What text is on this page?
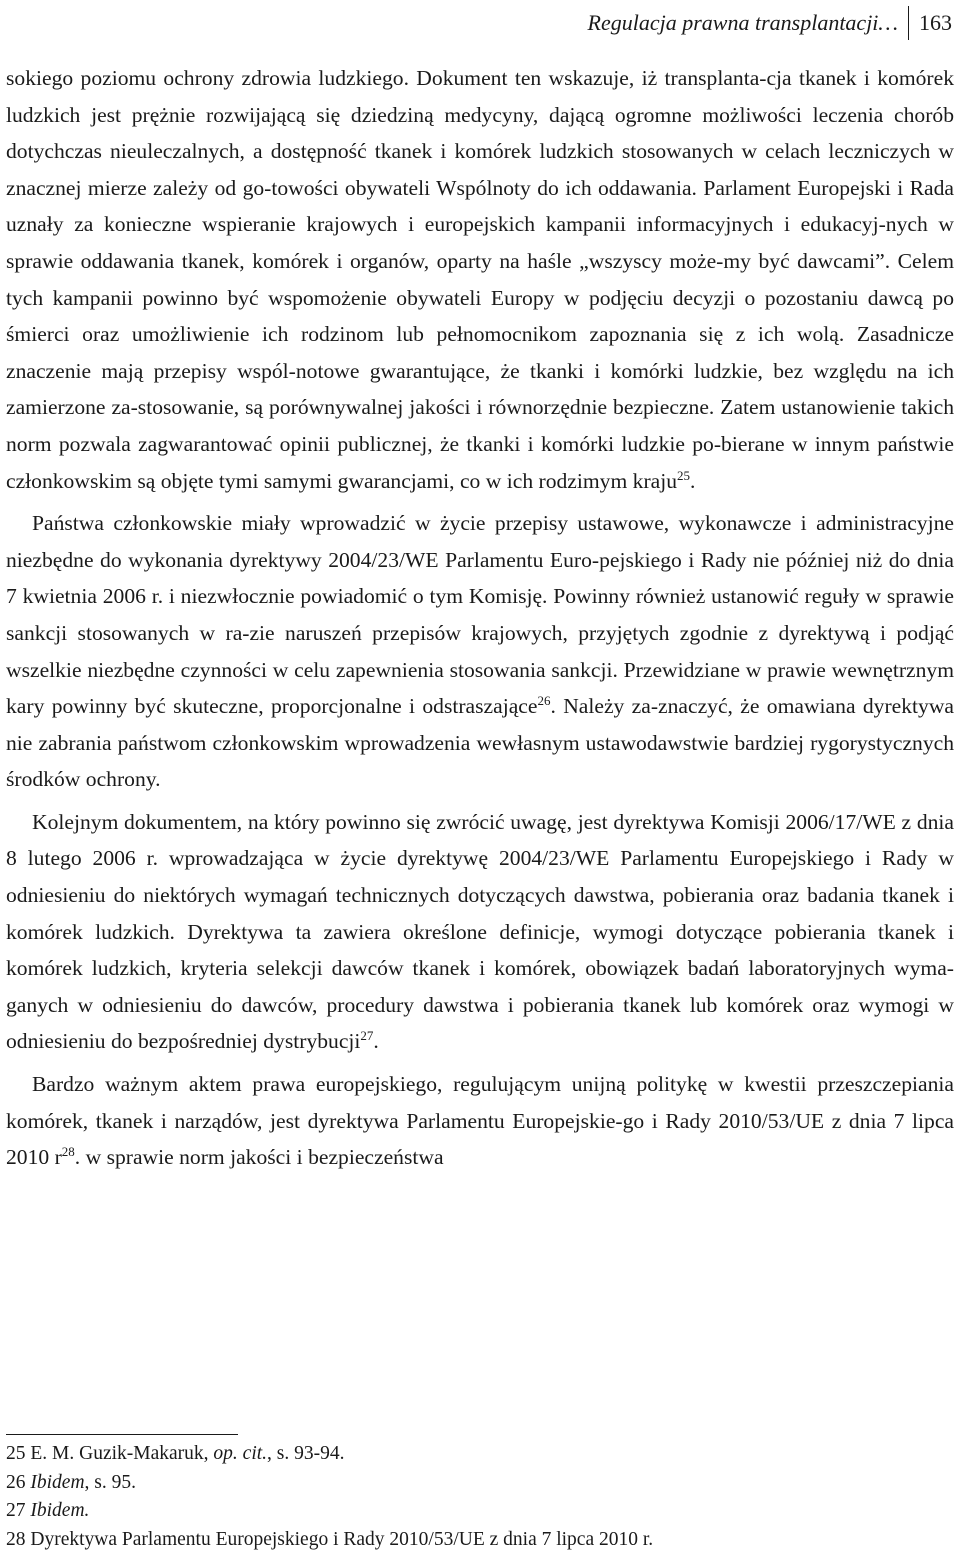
Regulacja prawna transplantacji… 163

sokiego poziomu ochrony zdrowia ludzkiego. Dokument ten wskazuje, iż transplanta-cja tkanek i komórek ludzkich jest prężnie rozwijającą się dziedziną medycyny, dającą ogromne możliwości leczenia chorób dotychczas nieuleczalnych, a dostępność tkanek i komórek ludzkich stosowanych w celach leczniczych w znacznej mierze zależy od go-towości obywateli Wspólnoty do ich oddawania. Parlament Europejski i Rada uznały za konieczne wspieranie krajowych i europejskich kampanii informacyjnych i edukacyj-nych w sprawie oddawania tkanek, komórek i organów, oparty na haśle „wszyscy może-my być dawcami”. Celem tych kampanii powinno być wspomożenie obywateli Europy w podjęciu decyzji o pozostaniu dawcą po śmierci oraz umożliwienie ich rodzinom lub pełnomocnikom zapoznania się z ich wolą. Zasadnicze znaczenie mają przepisy wspól-notowe gwarantujące, że tkanki i komórki ludzkie, bez względu na ich zamierzone za-stosowanie, są porównywalnej jakości i równorzędnie bezpieczne. Zatem ustanowienie takich norm pozwala zagwarantować opinii publicznej, że tkanki i komórki ludzkie po-bierane w innym państwie członkowskim są objęte tymi samymi gwarancjami, co w ich rodzimym kraju$^{25}$.

Państwa członkowskie miały wprowadzić w życie przepisy ustawowe, wykonawcze i administracyjne niezbędne do wykonania dyrektywy 2004/23/WE Parlamentu Euro-pejskiego i Rady nie później niż do dnia 7 kwietnia 2006 r. i niezwłocznie powiadomić o tym Komisję. Powinny również ustanowić reguły w sprawie sankcji stosowanych w ra-zie naruszeń przepisów krajowych, przyjętych zgodnie z dyrektywą i podjąć wszelkie niezbędne czynności w celu zapewnienia stosowania sankcji. Przewidziane w prawie wewnętrznym kary powinny być skuteczne, proporcjonalne i odstraszające$^{26}$. Należy za-znaczyć, że omawiana dyrektywa nie zabrania państwom członkowskim wprowadzenia wewłasnym ustawodawstwie bardziej rygorystycznych środków ochrony.

Kolejnym dokumentem, na który powinno się zwrócić uwagę, jest dyrektywa Komisji 2006/17/WE z dnia 8 lutego 2006 r. wprowadzająca w życie dyrektywę 2004/23/WE Parlamentu Europejskiego i Rady w odniesieniu do niektórych wymagań technicznych dotyczących dawstwa, pobierania oraz badania tkanek i komórek ludzkich. Dyrektywa ta zawiera określone definicje, wymogi dotyczące pobierania tkanek i komórek ludzkich, kryteria selekcji dawców tkanek i komórek, obowiązek badań laboratoryjnych wyma-ganych w odniesieniu do dawców, procedury dawstwa i pobierania tkanek lub komórek oraz wymogi w odniesieniu do bezpośredniej dystrybucji$^{27}$.

Bardzo ważnym aktem prawa europejskiego, regulującym unijną politykę w kwestii przeszczepiania komórek, tkanek i narządów, jest dyrektywa Parlamentu Europejskie-go i Rady 2010/53/UE z dnia 7 lipca 2010 $r^{28}$. w sprawie norm jakości i bezpieczeństwa

25 E. M. Guzik-Makaruk, op. cit., s. 93-94.
26 Ibidem, s. 95.
27 Ibidem.
28 Dyrektywa Parlamentu Europejskiego i Rady 2010/53/UE z dnia 7 lipca 2010 r.
